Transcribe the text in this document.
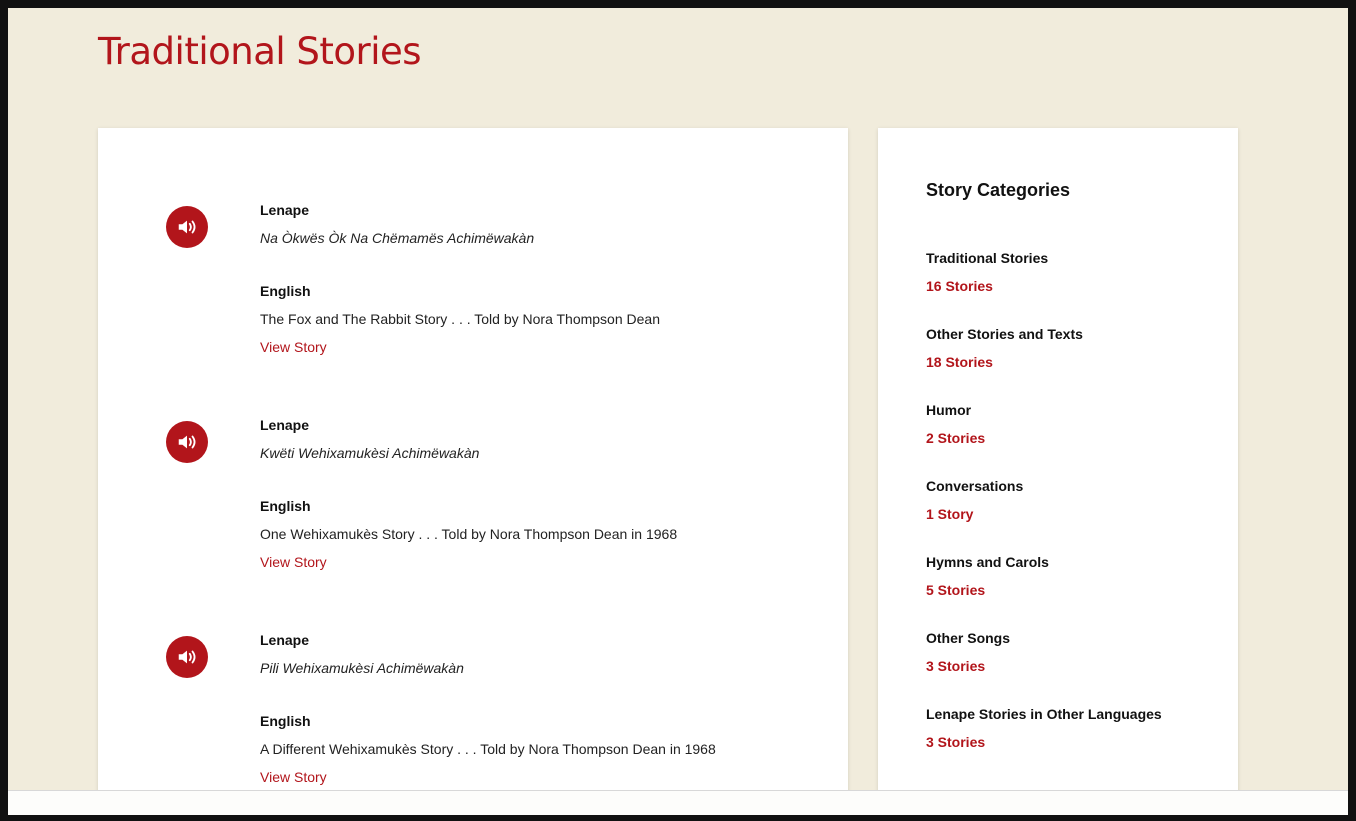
Traditional Stories
Lenape
Na Òkwës Òk Na Chëmamës Achimëwakàn
English
The Fox and The Rabbit Story . . . Told by Nora Thompson Dean
View Story
Lenape
Kwëti Wehixamukèsi Achimëwakàn
English
One Wehixamukès Story . . . Told by Nora Thompson Dean in 1968
View Story
Lenape
Pili Wehixamukèsi Achimëwakàn
English
A Different Wehixamukès Story . . . Told by Nora Thompson Dean in 1968
View Story
Story Categories
Traditional Stories
16 Stories
Other Stories and Texts
18 Stories
Humor
2 Stories
Conversations
1 Story
Hymns and Carols
5 Stories
Other Songs
3 Stories
Lenape Stories in Other Languages
3 Stories
